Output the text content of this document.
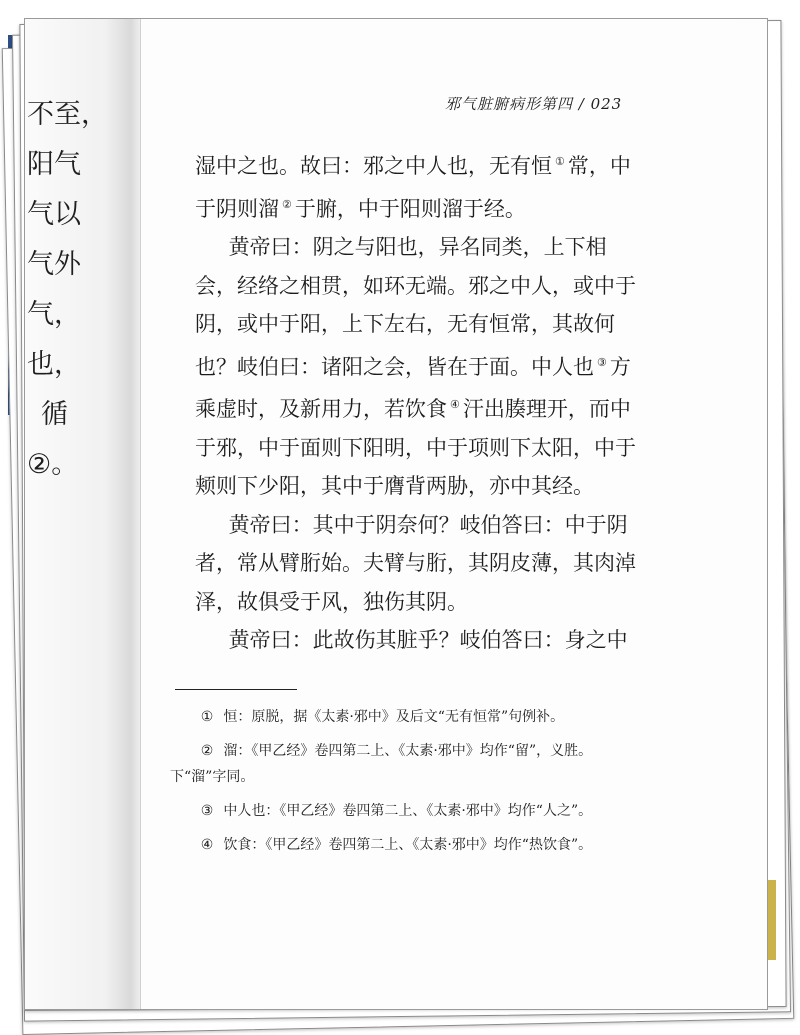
不至，
阳气
气以
气外
气，
也，
循
②。
邪气脏腑病形第四 / 023

湿中之也。故曰：邪之中人也，无有恒 ① 常，中于阴则溜 ② 于腑，中于阳则溜于经。

黄帝曰：阴之与阳也，异名同类，上下相会，经络之相贯，如环无端。邪之中人，或中于阴，或中于阳，上下左右，无有恒常，其故何也？岐伯曰：诸阳之会，皆在于面。中人也 ③ 方乘虚时，及新用力，若饮食 ④ 汗出腠理开，而中于邪，中于面则下阳明，中于项则下太阳，中于颊则下少阳，其中于膺背两胁，亦中其经。

黄帝曰：其中于阴奈何？岐伯答曰：中于阴者，常从臂胻始。夫臂与胻，其阴皮薄，其肉淖泽，故俱受于风，独伤其阴。

黄帝曰：此故伤其脏乎？岐伯答曰：身之中

① 恒：原脱，据《太素·邪中》及后文“无有恒常”句例补。

② 溜：《甲乙经》卷四第二上、《太素·邪中》均作“留”，义胜。下“溜”字同。

③ 中人也：《甲乙经》卷四第二上、《太素·邪中》均作“人之”。

④ 饮食：《甲乙经》卷四第二上、《太素·邪中》均作“热饮食”。
